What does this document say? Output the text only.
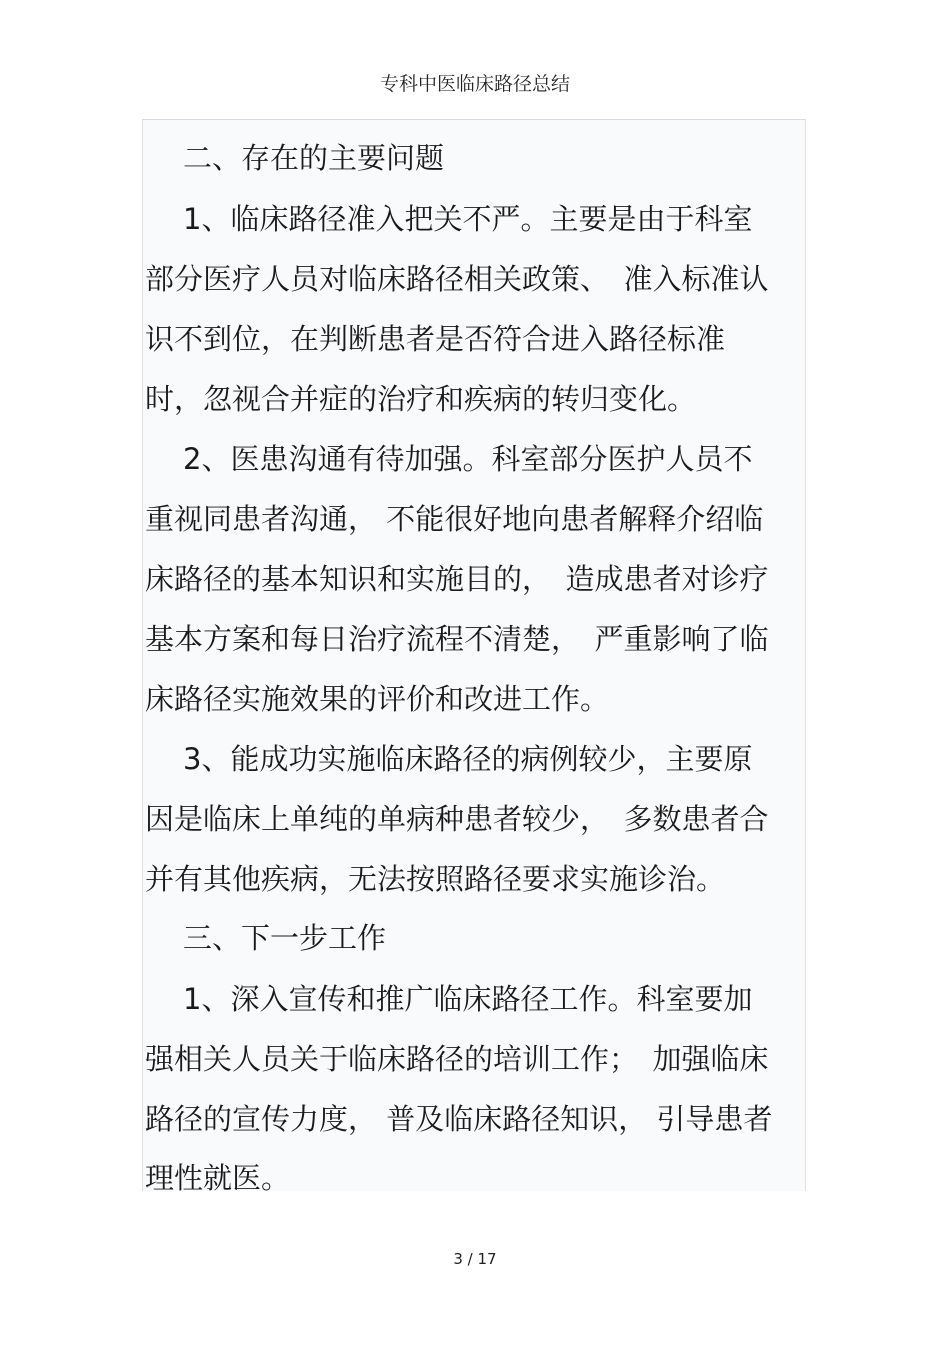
专科中医临床路径总结
二、存在的主要问题
1、临床路径准入把关不严。主要是由于科室
部分医疗人员对临床路径相关政策、　准入标准认
识不到位，在判断患者是否符合进入路径标准
时，忽视合并症的治疗和疾病的转归变化。
2、医患沟通有待加强。科室部分医护人员不
重视同患者沟通， 不能很好地向患者解释介绍临
床路径的基本知识和实施目的，　造成患者对诊疗
基本方案和每日治疗流程不清楚，　严重影响了临
床路径实施效果的评价和改进工作。
3、能成功实施临床路径的病例较少，主要原
因是临床上单纯的单病种患者较少，　多数患者合
并有其他疾病，无法按照路径要求实施诊治。
三、下一步工作
1、深入宣传和推广临床路径工作。科室要加
强相关人员关于临床路径的培训工作；　加强临床
路径的宣传力度， 普及临床路径知识， 引导患者
理性就医。
3 / 17
